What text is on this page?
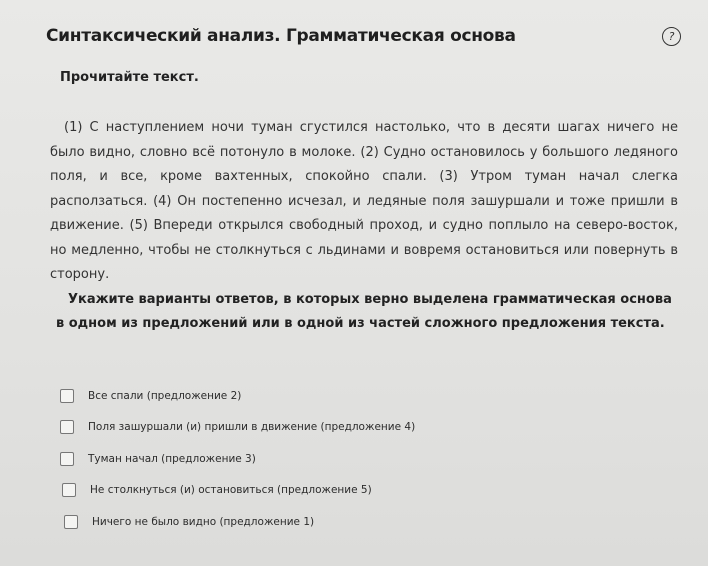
Синтаксический анализ. Грамматическая основа	?
Прочитайте текст.
(1) С наступлением ночи туман сгустился настолько, что в десяти шагах ничего не было видно, словно всё потонуло в молоке. (2) Судно остановилось у большого ледяного поля, и все, кроме вахтенных, спокойно спали. (3) Утром туман начал слегка расползаться. (4) Он постепенно исчезал, и ледяные поля зашуршали и тоже пришли в движение. (5) Впереди открылся свободный проход, и судно поплыло на северо-восток, но медленно, чтобы не столкнуться с льдинами и вовремя остановиться или повернуть в сторону.
Укажите варианты ответов, в которых верно выделена грамматическая основа в одном из предложений или в одной из частей сложного предложения текста.
Все спали (предложение 2)
Поля зашуршали (и) пришли в движение (предложение 4)
Туман начал (предложение 3)
Не столкнуться (и) остановиться (предложение 5)
Ничего не было видно (предложение 1)
